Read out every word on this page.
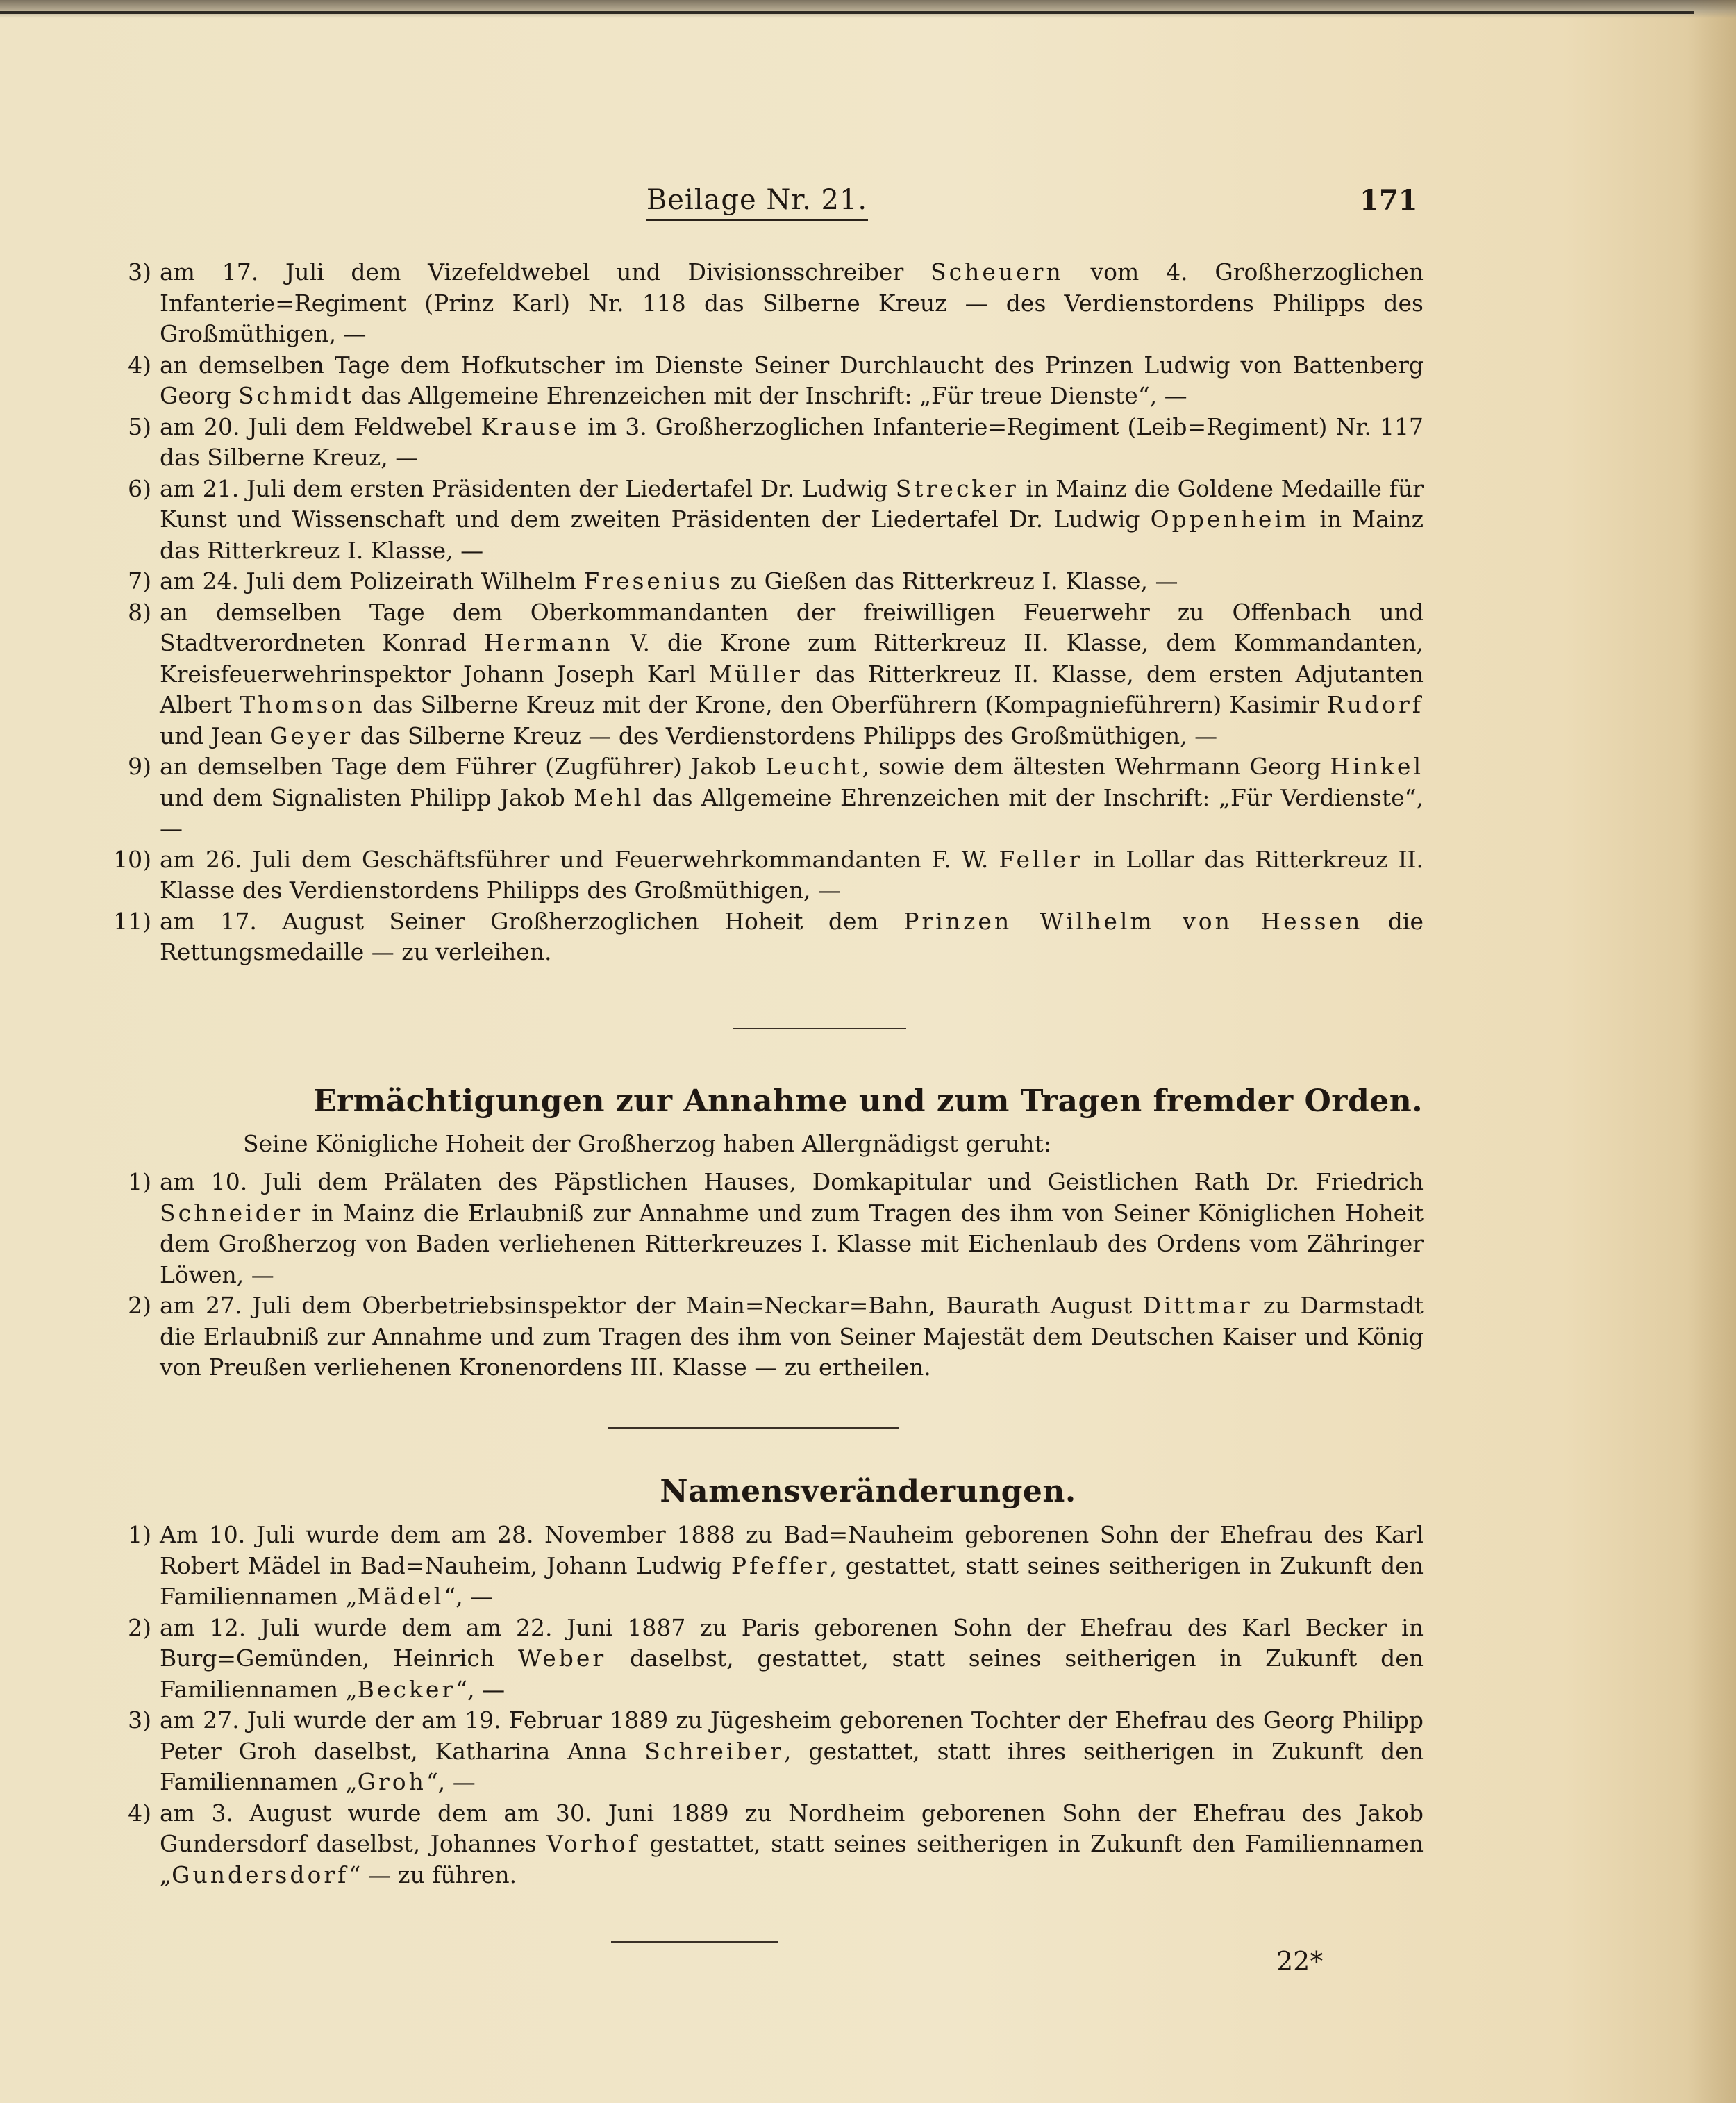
Beilage Nr. 21.	171
3) am 17. Juli dem Vizefeldwebel und Divisionsschreiber Scheuern vom 4. Großherzoglichen Infanterie=Regiment (Prinz Karl) Nr. 118 das Silberne Kreuz — des Verdienstordens Philipps des Großmüthigen, —
4) an demselben Tage dem Hofkutscher im Dienste Seiner Durchlaucht des Prinzen Ludwig von Battenberg Georg Schmidt das Allgemeine Ehrenzeichen mit der Inschrift: „Für treue Dienste“, —
5) am 20. Juli dem Feldwebel Krause im 3. Großherzoglichen Infanterie=Regiment (Leib=Regiment) Nr. 117 das Silberne Kreuz, —
6) am 21. Juli dem ersten Präsidenten der Liedertafel Dr. Ludwig Strecker in Mainz die Goldene Medaille für Kunst und Wissenschaft und dem zweiten Präsidenten der Liedertafel Dr. Ludwig Oppenheim in Mainz das Ritterkreuz I. Klasse, —
7) am 24. Juli dem Polizeirath Wilhelm Fresenius zu Gießen das Ritterkreuz I. Klasse, —
8) an demselben Tage dem Oberkommandanten der freiwilligen Feuerwehr zu Offenbach und Stadtverordneten Konrad Hermann V. die Krone zum Ritterkreuz II. Klasse, dem Kommandanten, Kreisfeuerwehrinspektor Johann Joseph Karl Müller das Ritterkreuz II. Klasse, dem ersten Adjutanten Albert Thomson das Silberne Kreuz mit der Krone, den Oberführern (Kompagnieführern) Kasimir Rudorf und Jean Geyer das Silberne Kreuz — des Verdienstordens Philipps des Großmüthigen, —
9) an demselben Tage dem Führer (Zugführer) Jakob Leucht, sowie dem ältesten Wehrmann Georg Hinkel und dem Signalisten Philipp Jakob Mehl das Allgemeine Ehrenzeichen mit der Inschrift: „Für Verdienste“, —
10) am 26. Juli dem Geschäftsführer und Feuerwehrkommandanten F. W. Feller in Lollar das Ritterkreuz II. Klasse des Verdienstordens Philipps des Großmüthigen, —
11) am 17. August Seiner Großherzoglichen Hoheit dem Prinzen Wilhelm von Hessen die Rettungsmedaille — zu verleihen.
Ermächtigungen zur Annahme und zum Tragen fremder Orden.
Seine Königliche Hoheit der Großherzog haben Allergnädigst geruht:
1) am 10. Juli dem Prälaten des Päpstlichen Hauses, Domkapitular und Geistlichen Rath Dr. Friedrich Schneider in Mainz die Erlaubniß zur Annahme und zum Tragen des ihm von Seiner Königlichen Hoheit dem Großherzog von Baden verliehenen Ritterkreuzes I. Klasse mit Eichenlaub des Ordens vom Zähringer Löwen, —
2) am 27. Juli dem Oberbetriebsinspektor der Main=Neckar=Bahn, Baurath August Dittmar zu Darmstadt die Erlaubniß zur Annahme und zum Tragen des ihm von Seiner Majestät dem Deutschen Kaiser und König von Preußen verliehenen Kronenordens III. Klasse — zu ertheilen.
Namensveränderungen.
1) Am 10. Juli wurde dem am 28. November 1888 zu Bad=Nauheim geborenen Sohn der Ehefrau des Karl Robert Mädel in Bad=Nauheim, Johann Ludwig Pfeffer, gestattet, statt seines seitherigen in Zukunft den Familiennamen „Mädel“, —
2) am 12. Juli wurde dem am 22. Juni 1887 zu Paris geborenen Sohn der Ehefrau des Karl Becker in Burg=Gemünden, Heinrich Weber daselbst, gestattet, statt seines seitherigen in Zukunft den Familiennamen „Becker“, —
3) am 27. Juli wurde der am 19. Februar 1889 zu Jügesheim geborenen Tochter der Ehefrau des Georg Philipp Peter Groh daselbst, Katharina Anna Schreiber, gestattet, statt ihres seitherigen in Zukunft den Familiennamen „Groh“, —
4) am 3. August wurde dem am 30. Juni 1889 zu Nordheim geborenen Sohn der Ehefrau des Jakob Gundersdorf daselbst, Johannes Vorhof gestattet, statt seines seitherigen in Zukunft den Familiennamen „Gundersdorf“ — zu führen.
22*
